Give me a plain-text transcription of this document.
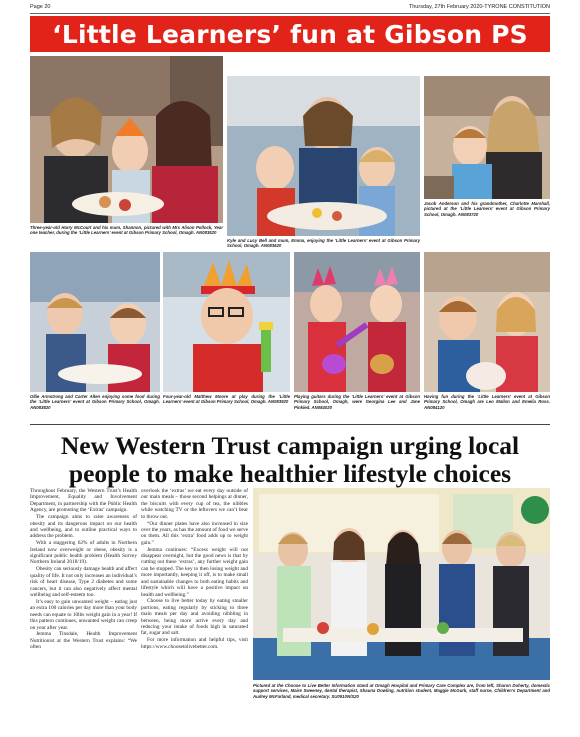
Page 20	Thursday, 27th February 2020-TYRONE CONSTITUTION
‘Little Learners’ fun at Gibson PS
Three-year-old Harry McCourt and his mum, Shannon, pictured with Mrs Alison Pollock, Year one teacher, during the ‘Little Learners’ event at Gibson Primary School, Omagh. AN083520
Kyle and Lucy Bell and mum, Emma, enjoying the ‘Little Learners’ event at Gibson Primary School, Omagh. AN083620
Jacob Anderson and his grandmother, Charlotte Marshall, pictured at the ‘Little Learners’ event at Gibson Primary School, Omagh. AN083720
Ollie Armstrong and Carter Allen enjoying some food during the ‘Little Learners’ event at Gibson Primary School, Omagh. AN083820
Four-year-old Matthew Moore at play during the ‘Little Learners’ event at Gibson Primary School, Omagh. AN083920
Playing guitars during the ‘Little Learners’ event at Gibson Primary School, Omagh, were Georgina Lee and Jane Pinkled. AN084020
Having fun during the ‘Little Learners’ event at Gibson Primary School, Omagh are Leo Mallon and Emelia Ross. AN084120
New Western Trust campaign urging local people to make healthier lifestyle choices

Throughout February, the Western Trust’s Health Improvement, Equality and Involvement Department, in partnership with the Public Health Agency, are promoting the ‘Extras’ campaign.

The campaign aims to raise awareness of obesity and its dangerous impact on our health and wellbeing, and to outline practical ways to address the problem.

With a staggering 62% of adults in Northern Ireland now overweight or obese, obesity is a significant public health problem (Health Survey Northern Ireland 2018/19).

Obesity can seriously damage health and affect quality of life. It not only increases an individual’s risk of heart disease, Type 2 diabetes and some cancers, but it can also negatively affect mental wellbeing and self-esteem too.

It’s easy to gain unwanted weight – eating just an extra 100 calories per day more than your body needs can equate to 10lbs weight gain in a year! If this pattern continues, unwanted weight can creep on year after year.

Jemma Tinsdale, Health Improvement Nutritionist at the Western Trust explains: “We often

overlook the ‘extras’ we eat every day outside of our main meals – those second helpings at dinner, the biscuits with every cup of tea, the nibbles while watching TV or the leftovers we can’t bear to throw out.

“Our dinner plates have also increased in size over the years, as has the amount of food we serve on them. All this ‘extra’ food adds up to weight gain.”

Jemma continues: “Excess weight will not disappear overnight, but the good news is that by cutting out these ‘extras’, any further weight gain can be stopped. The key to then losing weight and more importantly, keeping it off, is to make small and sustainable changes to both eating habits and lifestyle which will have a positive impact on health and wellbeing.”

Choose to live better today by eating smaller portions, eating regularly by sticking to three main meals per day and avoiding nibbling in between, being more active every day and reducing your intake of foods high in saturated fat, sugar and salt.

For more information and helpful tips, visit https://www.choosetolivebetter.com.

Pictured at the Choose to Live Better Information stand at Omagh Hospital and Primary Care Complex are, from left, Sharon Doherty, domestic support services, Maire Sweeney, dental therapist, Shauna Dowling, nutrition student, Maggie McGurk, staff nurse, Children’s Department and Audrey McFarland, medical secretary. SU0910N/S20
